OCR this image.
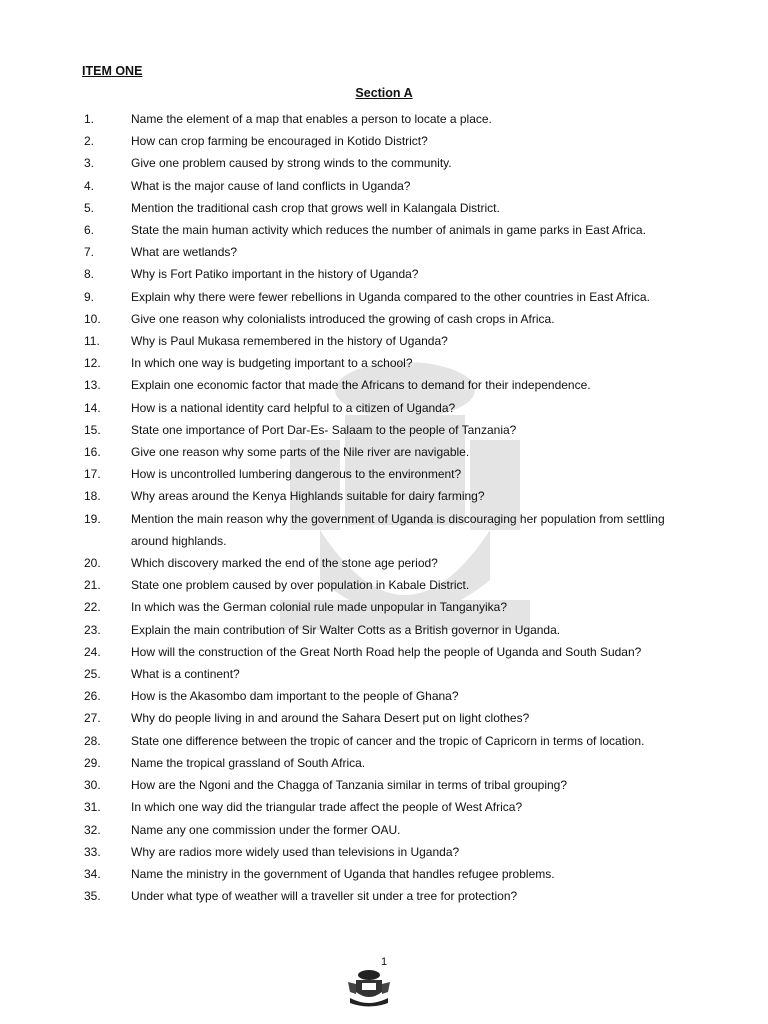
ITEM ONE
Section A
1.	Name the element of a map that enables a person to locate a place.
2.	How can crop farming be encouraged in Kotido District?
3.	Give one problem caused by strong winds to the community.
4.	What is the major cause of land conflicts in Uganda?
5.	Mention the traditional cash crop that grows well in Kalangala District.
6.	State the main human activity which reduces the number of animals in game parks in East Africa.
7.	What are wetlands?
8.	Why is Fort Patiko important in the history of Uganda?
9.	Explain why there were fewer rebellions in Uganda compared to the other countries in East Africa.
10.	Give one reason why colonialists introduced the growing of cash crops in Africa.
11.	Why is Paul Mukasa remembered in the history of Uganda?
12.	In which one way is budgeting important to a school?
13.	Explain one economic factor that made the Africans to demand for their independence.
14.	How is a national identity card helpful to a citizen of Uganda?
15.	State one importance of Port Dar-Es- Salaam to the people of Tanzania?
16.	Give one reason why some parts of the Nile river are navigable.
17.	How is uncontrolled lumbering dangerous to the environment?
18.	Why areas around the Kenya Highlands suitable for dairy farming?
19.	Mention the main reason why the government of Uganda is discouraging her population from settling around highlands.
20.	Which discovery marked the end of the stone age period?
21.	State one problem caused by over population in Kabale District.
22.	In which was the German colonial rule made unpopular in Tanganyika?
23.	Explain the main contribution of Sir Walter Cotts as a British governor in Uganda.
24.	How will the construction of the Great North Road help the people of Uganda and South Sudan?
25.	What is a continent?
26.	How is the Akasombo dam important to the people of Ghana?
27.	Why do people living in and around the Sahara Desert put on light clothes?
28.	State one difference between the tropic of cancer and the tropic of Capricorn in terms of location.
29.	Name the tropical grassland of South Africa.
30.	How are the Ngoni and the Chagga of Tanzania similar in terms of tribal grouping?
31.	In which one way did the triangular trade affect the people of West Africa?
32.	Name any one commission under the former OAU.
33.	Why are radios more widely used than televisions in Uganda?
34.	Name the ministry in the government of Uganda that handles refugee problems.
35.	Under what type of weather will a traveller sit under a tree for protection?
1
